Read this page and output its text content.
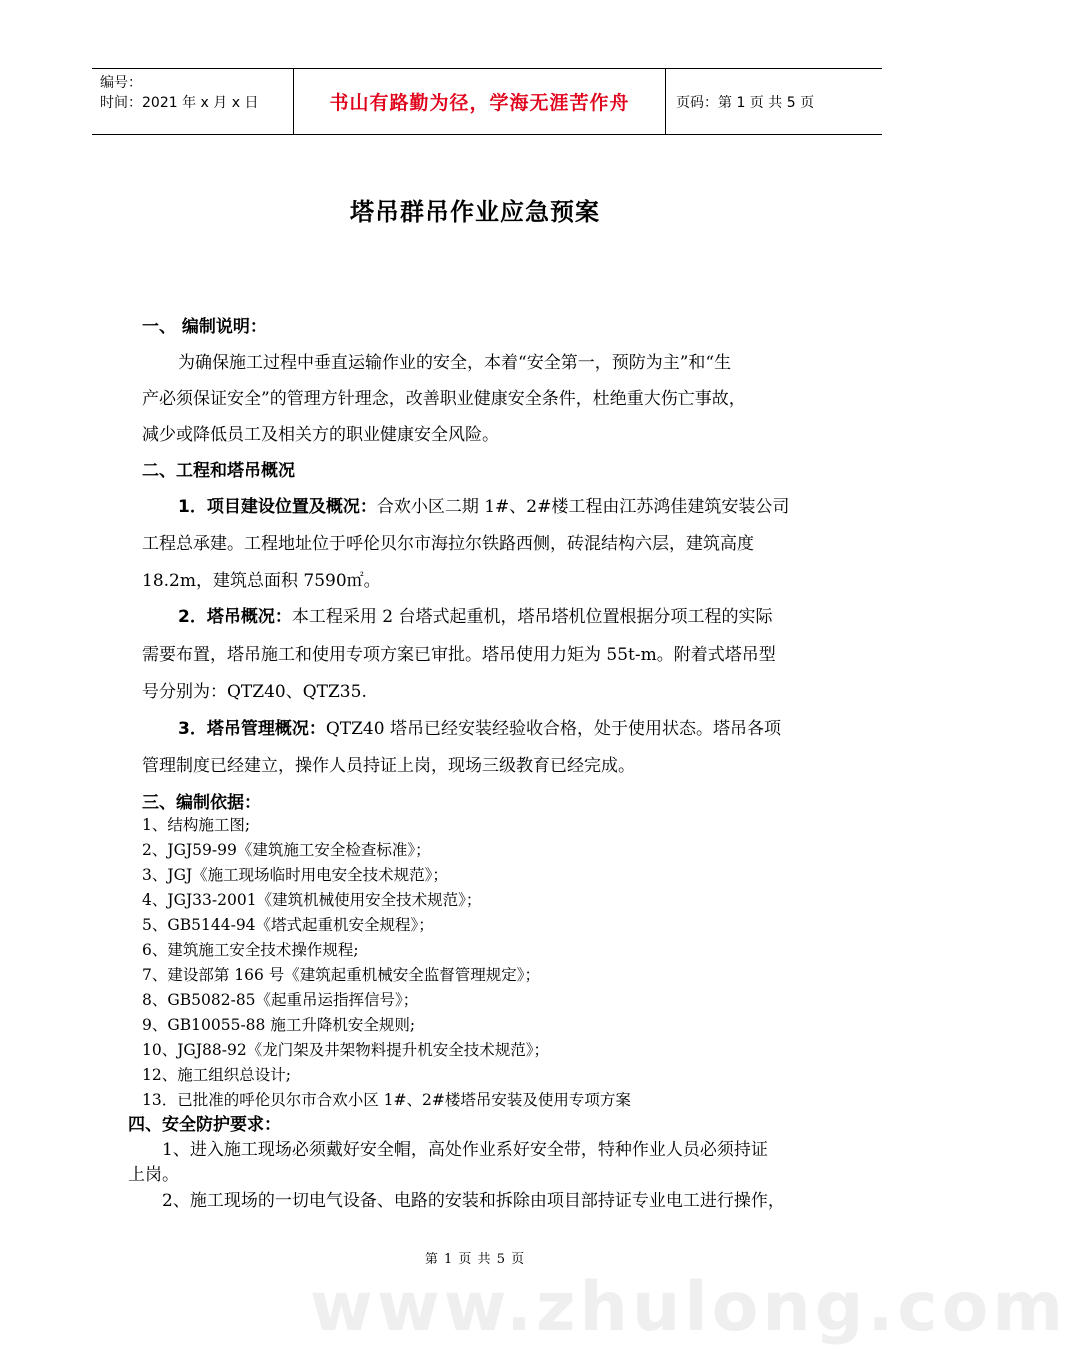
编号：
时间：2021 年 x 月 x 日	书山有路勤为径，学海无涯苦作舟	页码：第 1 页 共 5 页
塔吊群吊作业应急预案
一、 编制说明：
为确保施工过程中垂直运输作业的安全，本着“安全第一，预防为主”和“生
产必须保证安全”的管理方针理念，改善职业健康安全条件，杜绝重大伤亡事故，
减少或降低员工及相关方的职业健康安全风险。
二、工程和塔吊概况
1．项目建设位置及概况：合欢小区二期 1#、2#楼工程由江苏鸿佳建筑安装公司
工程总承建。工程地址位于呼伦贝尔市海拉尔铁路西侧，砖混结构六层，建筑高度
18.2m，建筑总面积 7590㎡。
2．塔吊概况：本工程采用 2 台塔式起重机，塔吊塔机位置根据分项工程的实际
需要布置，塔吊施工和使用专项方案已审批。塔吊使用力矩为 55t-m。附着式塔吊型
号分别为：QTZ40、QTZ35.
3．塔吊管理概况：QTZ40 塔吊已经安装经验收合格，处于使用状态。塔吊各项
管理制度已经建立，操作人员持证上岗，现场三级教育已经完成。
三、编制依据：
1、结构施工图;
2、JGJ59-99《建筑施工安全检查标准》；
3、JGJ《施工现场临时用电安全技术规范》；
4、JGJ33-2001《建筑机械使用安全技术规范》；
5、GB5144-94《塔式起重机安全规程》；
6、建筑施工安全技术操作规程;
7、建设部第 166 号《建筑起重机械安全监督管理规定》；
8、GB5082-85《起重吊运指挥信号》；
9、GB10055-88 施工升降机安全规则;
10、JGJ88-92《龙门架及井架物料提升机安全技术规范》；
12、施工组织总设计;
13．已批准的呼伦贝尔市合欢小区 1#、2#楼塔吊安装及使用专项方案
四、安全防护要求：
1、进入施工现场必须戴好安全帽，高处作业系好安全带，特种作业人员必须持证
上岗。
2、施工现场的一切电气设备、电路的安装和拆除由项目部持证专业电工进行操作，
第 1 页 共 5 页
www.zhulong.com
